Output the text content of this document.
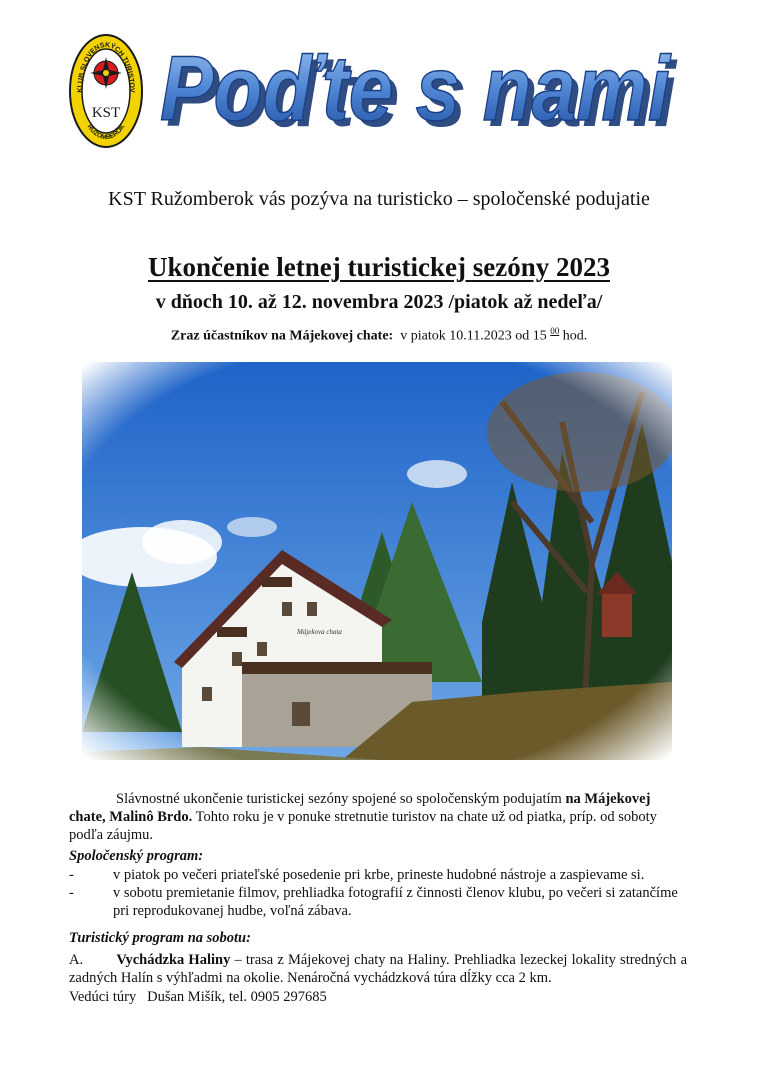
KLUB SLOVENSKÝCH TURISTOV
RUŽOMBEROK
KST Poďte s nami
Poďte s nami
KST Ružomberok vás pozýva na turisticko – spoločenské podujatie
Ukončenie letnej turistickej sezóny 2023
v dňoch 10. až 12. novembra 2023 /piatok až nedeľa/
Zraz účastníkov na Májekovej chate: v piatok 10.11.2023 od 15 $^{00}$ hod.

Slávnostné ukončenie turistickej sezóny spojené so spoločenským podujatím na Májekovej chate, Malinô Brdo. Tohto roku je v ponuke stretnutie turistov na chate už od piatka, príp. od soboty podľa záujmu.

Spoločenský program:
-	v piatok po večeri priateľské posedenie pri krbe, prineste hudobné nástroje a zaspievame si.
-	v sobotu premietanie filmov, prehliadka fotografií z činnosti členov klubu, po večeri si zatančíme pri reprodukovanej hudbe, voľná zábava.
Turistický program na sobotu:
A. Vychádzka Haliny – trasa z Májekovej chaty na Haliny. Prehliadka lezeckej lokality stredných a zadných Halín s výhľadmi na okolie. Nenáročná vychádzková túra dĺžky cca 2 km.
Vedúci túry   Dušan Mišík, tel. 0905 297685
